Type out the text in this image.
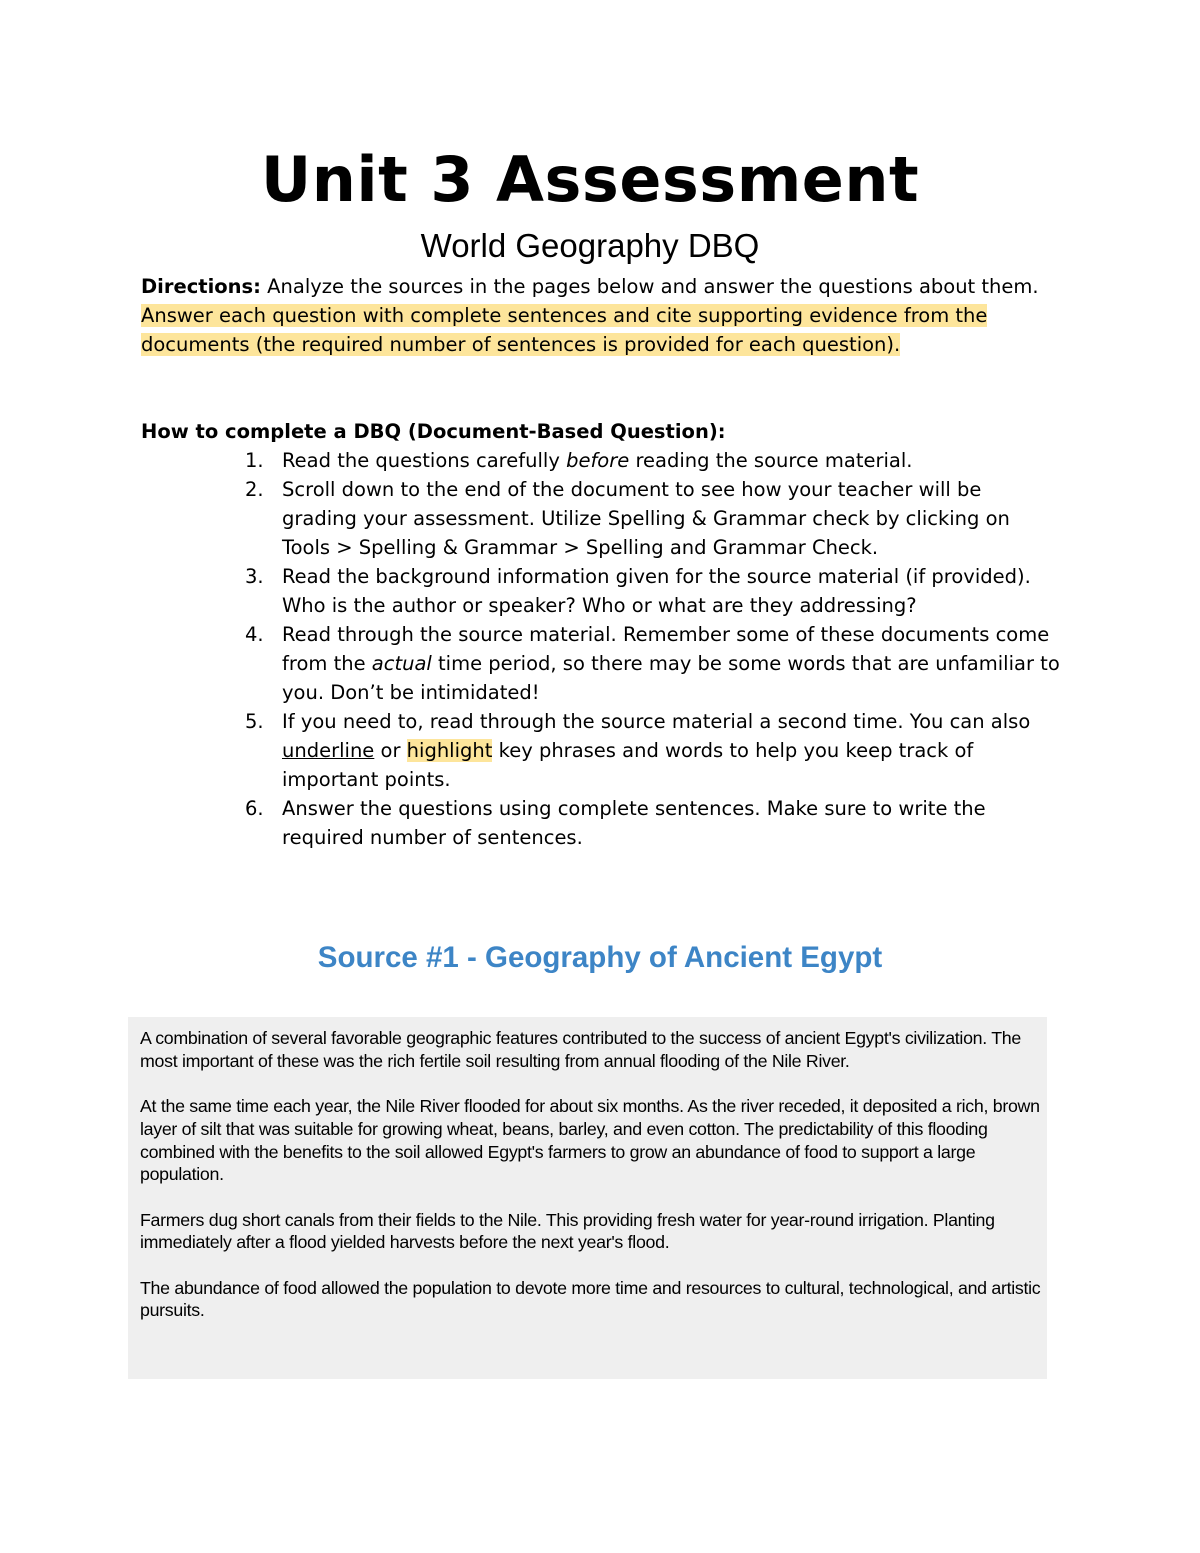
Unit 3 Assessment
World Geography DBQ
Directions: Analyze the sources in the pages below and answer the questions about them.
Answer each question with complete sentences and cite supporting evidence from the documents (the required number of sentences is provided for each question).
How to complete a DBQ (Document-Based Question):
1. Read the questions carefully before reading the source material.
2. Scroll down to the end of the document to see how your teacher will be grading your assessment. Utilize Spelling & Grammar check by clicking on Tools > Spelling & Grammar > Spelling and Grammar Check.
3. Read the background information given for the source material (if provided). Who is the author or speaker? Who or what are they addressing?
4. Read through the source material. Remember some of these documents come from the actual time period, so there may be some words that are unfamiliar to you. Don’t be intimidated!
5. If you need to, read through the source material a second time. You can also underline or highlight key phrases and words to help you keep track of important points.
6. Answer the questions using complete sentences. Make sure to write the required number of sentences.
Source #1 - Geography of Ancient Egypt

A combination of several favorable geographic features contributed to the success of ancient Egypt's civilization. The most important of these was the rich fertile soil resulting from annual flooding of the Nile River.

At the same time each year, the Nile River flooded for about six months. As the river receded, it deposited a rich, brown layer of silt that was suitable for growing wheat, beans, barley, and even cotton. The predictability of this flooding combined with the benefits to the soil allowed Egypt's farmers to grow an abundance of food to support a large population.

Farmers dug short canals from their fields to the Nile. This providing fresh water for year-round irrigation. Planting immediately after a flood yielded harvests before the next year's flood.

The abundance of food allowed the population to devote more time and resources to cultural, technological, and artistic pursuits.
